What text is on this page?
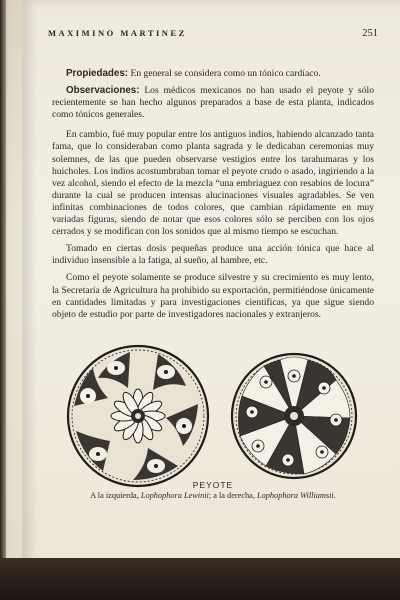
MAXIMINO MARTINEZ	251

Propiedades: En general se considera como un tónico cardíaco.

Observaciones: Los médicos mexicanos no han usado el peyote y sólo recientemente se han hecho algunos preparados a base de esta planta, indicados como tónicos generales.

En cambio, fué muy popular entre los antiguos indios, habiendo alcanzado tanta fama, que lo consideraban como planta sagrada y le dedicaban ceremonias muy solemnes, de las que pueden observarse vestigios entre los tarahumaras y los huicholes. Los indios acostumbraban tomar el peyote crudo o asado, ingiriendo a la vez alcohol, siendo el efecto de la mezcla “una embriaguez con resabios de locura” durante la cual se producen intensas alucinaciones visuales agradables. Se ven infinitas combinaciones de todos colores, que cambian rápidamente en muy variadas figuras, siendo de notar que esos colores sólo se perciben con los ojos cerrados y se modifican con los sonidos que al mismo tiempo se escuchan.

Tomado en ciertas dosis pequeñas produce una acción tónica que hace al individuo insensible a la fatiga, al sueño, al hambre, etc.

Como el peyote solamente se produce silvestre y su crecimiento es muy lento, la Secretaría de Agricultura ha prohibido su exportación, permitiéndose únicamente en cantidades limitadas y para investigaciones científicas, ya que sigue siendo objeto de estudio por parte de investigadores nacionales y extranjeros.

PEYOTE
A la izquierda, Lophophora Lewinii; a la derecha, Lophophora Williamsii.
